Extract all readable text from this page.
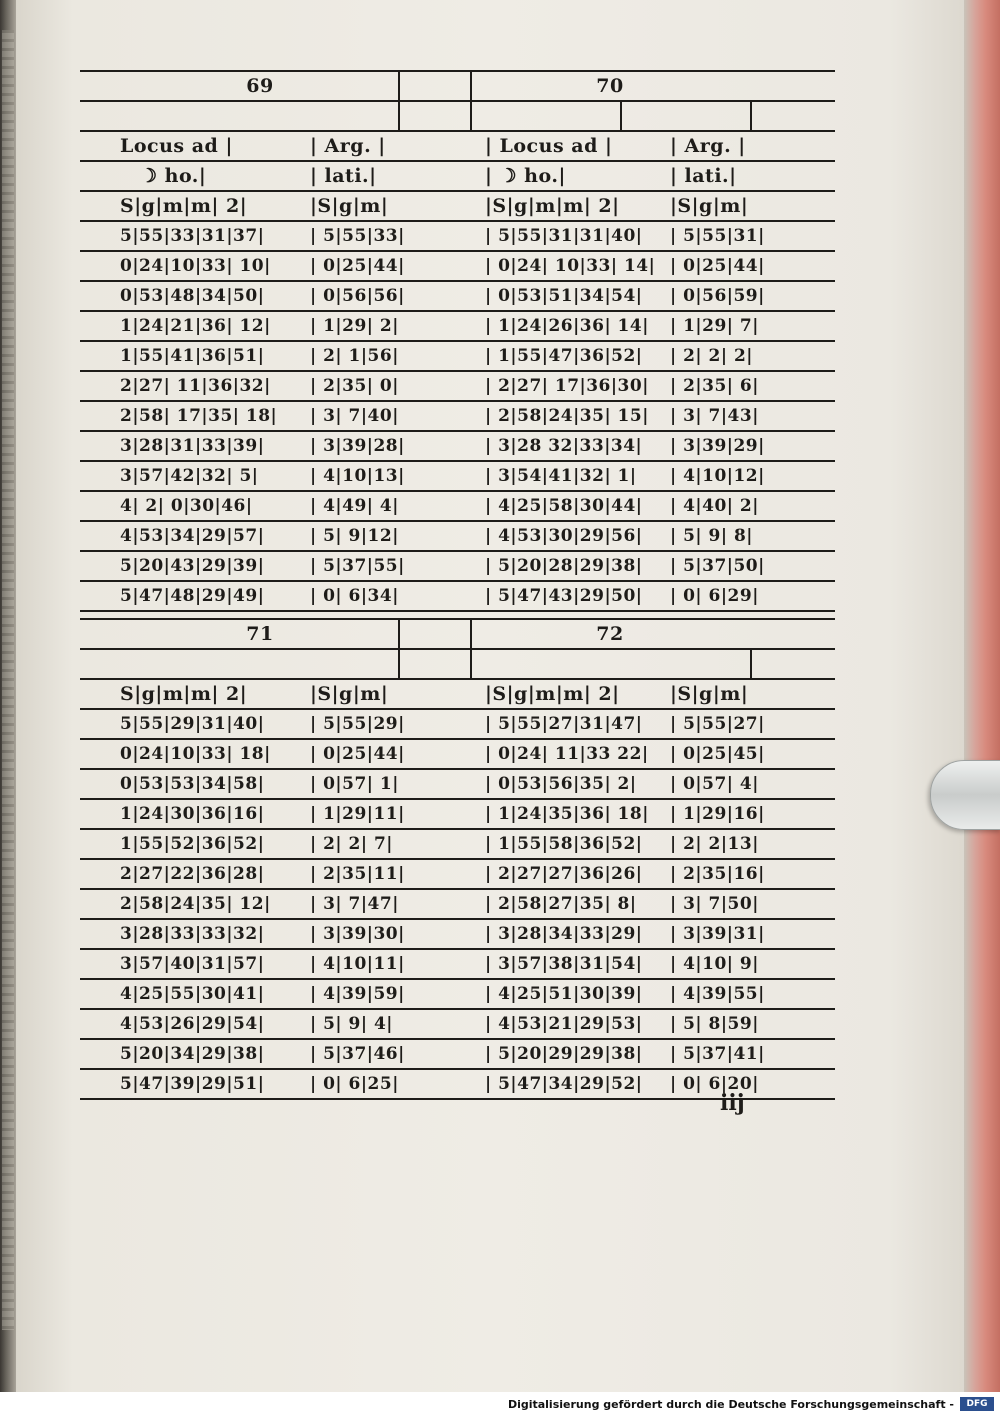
69	70
Locus ad |	| Arg. |	| Locus ad |	| Arg. |
☽ ho.|	| lati.|	| ☽ ho.|	| lati.|
S|g|m|m| 2|	|S|g|m|	|S|g|m|m| 2|	|S|g|m|
5|55|33|31|37|	| 5|55|33|	| 5|55|31|31|40|	| 5|55|31|
0|24|10|33| 10|	| 0|25|44|	| 0|24| 10|33| 14| | 0|25|44|
0|53|48|34|50|	| 0|56|56|	| 0|53|51|34|54|	| 0|56|59|
1|24|21|36| 12|	| 1|29| 2|	| 1|24|26|36| 14|	| 1|29| 7|
1|55|41|36|51|	| 2| 1|56|	| 1|55|47|36|52|	| 2| 2| 2|
2|27| 11|36|32|	| 2|35| 0|	| 2|27| 17|36|30|	| 2|35| 6|
2|58| 17|35| 18|	| 3| 7|40|	| 2|58|24|35| 15|	| 3| 7|43|
3|28|31|33|39|	| 3|39|28|	| 3|28 32|33|34|	| 3|39|29|
3|57|42|32| 5|	| 4|10|13|	| 3|54|41|32| 1|	| 4|10|12|
4| 2| 0|30|46|	| 4|49| 4|	| 4|25|58|30|44|	| 4|40| 2|
4|53|34|29|57|	| 5| 9|12|	| 4|53|30|29|56|	| 5| 9| 8|
5|20|43|29|39|	| 5|37|55|	| 5|20|28|29|38|	| 5|37|50|
5|47|48|29|49|	| 0| 6|34|	| 5|47|43|29|50|	| 0| 6|29|
71	72
S|g|m|m| 2|	|S|g|m|	|S|g|m|m| 2|	|S|g|m|
5|55|29|31|40|	| 5|55|29|	| 5|55|27|31|47|	| 5|55|27|
0|24|10|33| 18|	| 0|25|44|	| 0|24| 11|33 22|	| 0|25|45|
0|53|53|34|58|	| 0|57| 1|	| 0|53|56|35| 2|	| 0|57| 4|
1|24|30|36|16|	| 1|29|11|	| 1|24|35|36| 18|	| 1|29|16|
1|55|52|36|52|	| 2| 2| 7|	| 1|55|58|36|52|	| 2| 2|13|
2|27|22|36|28|	| 2|35|11|	| 2|27|27|36|26|	| 2|35|16|
2|58|24|35| 12|	| 3| 7|47|	| 2|58|27|35| 8|	| 3| 7|50|
3|28|33|33|32|	| 3|39|30|	| 3|28|34|33|29|	| 3|39|31|
3|57|40|31|57|	| 4|10|11|	| 3|57|38|31|54|	| 4|10| 9|
4|25|55|30|41|	| 4|39|59|	| 4|25|51|30|39|	| 4|39|55|
4|53|26|29|54|	| 5| 9| 4|	| 4|53|21|29|53|	| 5| 8|59|
5|20|34|29|38|	| 5|37|46|	| 5|20|29|29|38|	| 5|37|41|
5|47|39|29|51|	| 0| 6|25|	| 5|47|34|29|52|	| 0| 6|20|
iij
Digitalisierung gefördert durch die Deutsche Forschungsgemeinschaft -	DFG
